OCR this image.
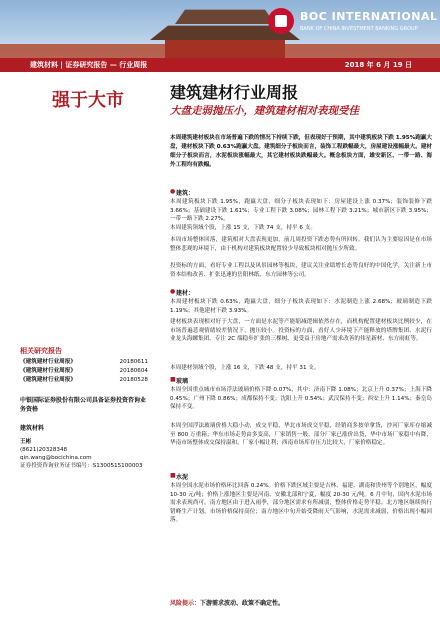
BOC INTERNATIONAL
BANK OF CHINA INVESTMENT BANKING GROUP
建筑材料 | 证券研究报告 — 行业周报	2018 年 6 月 19 日
强于大市
相关研究报告
《建筑建材行业周报》	20180611
《建筑建材行业周报》	20180604
《建筑建材行业周报》	20180528
中银国际证券股份有限公司具备证券投资咨询业务资格
建筑材料
王彬
(8621)20328348
qin.wang@bocichina.com
证券投资咨询业务证书编号：S1300515100003
建筑建材行业周报
大盘走弱抛压小，建筑建材相对表现受佳
本周建筑建材板块在市场普遍下跌的情况下持续下跌，但表现好于预期，其中建筑板块下跌 1.95%跑赢大盘，建材板块下跌 0.63%跑赢大盘。建筑细分子板块而言，装饰工程跌幅最大，房屋建设涨幅最大。建材细分子板块而言，水泥板块涨幅最大，其它建材板块跌幅最大。概念板块方面，雄安新区、一带一路、海外工程均有跌幅。
● 建筑：
本周建筑板块下跌 1.95%，跑赢大盘，细分子板块表现如下：房屋建设上涨 0.37%；装饰装修下跌 3.66%；基础建设下跌 1.61%；专业工程下跌 3.08%；园林工程下跌 3.21%；城市新区下跌 3.95%；一带一路下跌 2.27%。
本周建筑领域个股，上涨 15 支，下跌 74 支，持平 6 支。
本周市场整体回落，建筑相对大盘表现更加，前几周投资下跌态势有所回转。我们认为主要原因是在市场整体悲观的环境下，由于机构对建筑板块配置较少导致板块相对抛压少所致。
投资标的方面，看好专业工程以及风景园林等板块，建议关注业绩增长态势良好的中国化学，关注新上市资本结构改善、扩张迅速的岳阳林纸、东方园林等公司。
● 建材：
本周建材板块下跌 0.63%，跑赢大盘，细分子板块表现如下：水泥制造上涨 2.68%；玻璃制造下跌 1.19%；其他建材下跌 3.93%。
建材板块表现相对好于大盘，一方面是水泥等产能缩减逻辑依然存在，而机构配置建材板块比例较少，在市场普遍悲观情绪较差情况下，抛压较小。投资标的方面，看好人少环境下产能释放的塔牌集团、水泥行业龙头海螺集团、专注 2C 端稳步扩张的三棵树、更受益于房地产需求改善的伟星新材、东方雨虹等。
本周建材领域个股，上涨 16 支，下跌 48 支，持平 31 支。
■ 玻璃
本周全国重点城市市场浮法玻璃价格下降 0.07%，其中：济南下降 1.08%；北京上升 0.37%；上海下降 0.45%；广州下降 0.86%；成都保持不变；沈阳上升 0.54%；武汉保持不变；西安上升 1.14%；秦皇岛保持不变。
本周全国浮法玻璃价格大稳小动，成交平稳，华北市场成交平稳，经销商多按单拿货，沙河厂家库存缩减至 800 万重箱；华东市场走势由多变高，厂家销售一般，部分厂家已涨价出货，华中市场厂家稳中有降，华南市场整体成交保持温和，厂家小幅让利；西南市场库存压力比较大，厂家价格稳定。
■ 水泥
本周全国水泥市场价格环比回落 0.24%。价格下跌区域主要是吉林、福建、湖南和贵州等个别地区，幅度 10-30 元/吨；价格上涨地区主要是河南、安徽北部和宁夏，幅度 20-30 元/吨。6 月中旬，国内水泥市场需求表现尚可，南方地区由于进入雨季，部分地区需求有所减弱，整体价格走势平稳。北方地区继续执行错峰生产计划，市场价格保持高位；南方地区中旬开始受降雨天气影响，水泥需求减弱，价格出现小幅回落。
风险提示：下游需求波动、政策不确定性。
